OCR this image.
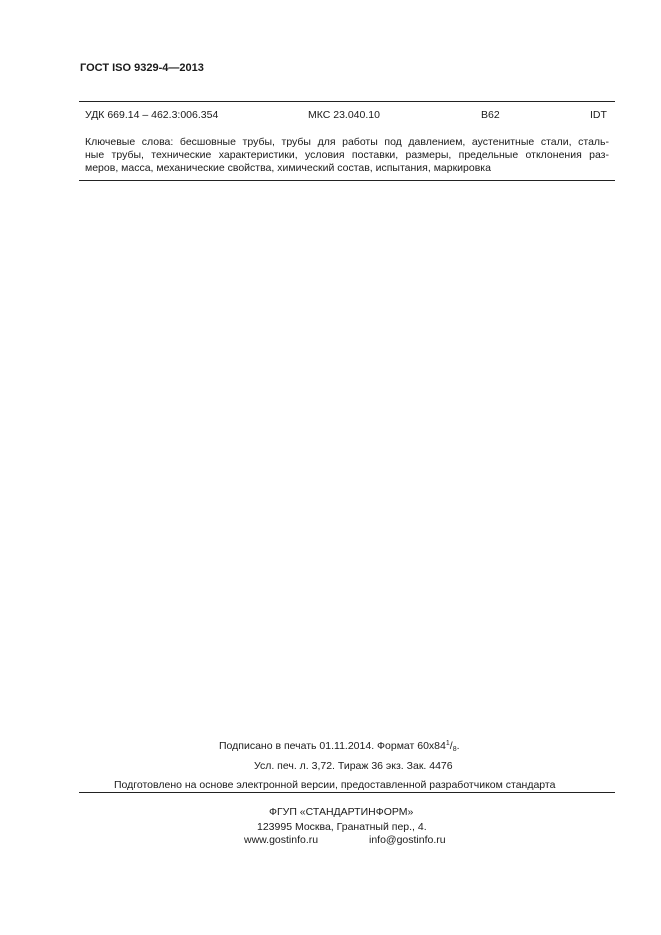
ГОСТ ISO 9329-4—2013
УДК 669.14 – 462.3:006.354	МКС 23.040.10	В62	IDT
Ключевые слова: бесшовные трубы, трубы для работы под давлением, аустенитные стали, сталь-
ные трубы, технические характеристики, условия поставки, размеры, предельные отклонения раз-
меров, масса, механические свойства, химический состав, испытания, маркировка
Подписано в печать 01.11.2014. Формат $60x84^1/_8$.
Усл. печ. л. 3,72. Тираж 36 экз. Зак. 4476
Подготовлено на основе электронной версии, предоставленной разработчиком стандарта
ФГУП «СТАНДАРТИНФОРМ»
123995 Москва, Гранатный пер., 4.
www.gostinfo.ru	info@gostinfo.ru
